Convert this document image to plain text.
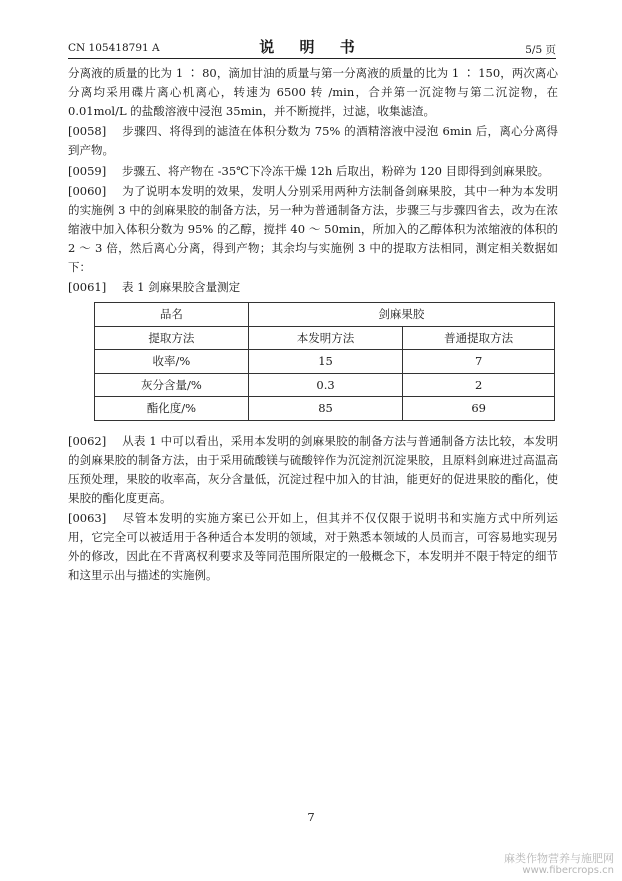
CN 105418791 A	说 明 书	5/5 页

分离液的质量的比为 1 ∶ 80，滴加甘油的质量与第一分离液的质量的比为 1 ∶ 150，两次离心分离均采用碟片离心机离心，转速为 6500 转 /min，合并第一沉淀物与第二沉淀物，在 0.01mol/L 的盐酸溶液中浸泡 35min，并不断搅拌，过滤，收集滤渣。

[0058] 步骤四、将得到的滤渣在体积分数为 75% 的酒精溶液中浸泡 6min 后，离心分离得到产物。

[0059] 步骤五、将产物在 -35℃下冷冻干燥 12h 后取出，粉碎为 120 目即得到剑麻果胶。

[0060] 为了说明本发明的效果，发明人分别采用两种方法制备剑麻果胶，其中一种为本发明的实施例 3 中的剑麻果胶的制备方法，另一种为普通制备方法，步骤三与步骤四省去，改为在浓缩液中加入体积分数为 95% 的乙醇，搅拌 40 ～ 50min，所加入的乙醇体积为浓缩液的体积的 2 ～ 3 倍，然后离心分离，得到产物；其余均与实施例 3 中的提取方法相同，测定相关数据如下：

[0061] 表 1 剑麻果胶含量测定

品名	剑麻果胶	
提取方法	本发明方法	普通提取方法
收率/%	15	7
灰分含量/%	0.3	2
酯化度/%	85	69

[0062] 从表 1 中可以看出，采用本发明的剑麻果胶的制备方法与普通制备方法比较，本发明的剑麻果胶的制备方法，由于采用硫酸镁与硫酸锌作为沉淀剂沉淀果胶，且原料剑麻进过高温高压预处理，果胶的收率高，灰分含量低，沉淀过程中加入的甘油，能更好的促进果胶的酯化，使果胶的酯化度更高。

[0063] 尽管本发明的实施方案已公开如上，但其并不仅仅限于说明书和实施方式中所列运用，它完全可以被适用于各种适合本发明的领域，对于熟悉本领域的人员而言，可容易地实现另外的修改，因此在不背离权利要求及等同范围所限定的一般概念下，本发明并不限于特定的细节和这里示出与描述的实施例。

7
麻类作物营养与施肥网
www.fibercrops.cn
